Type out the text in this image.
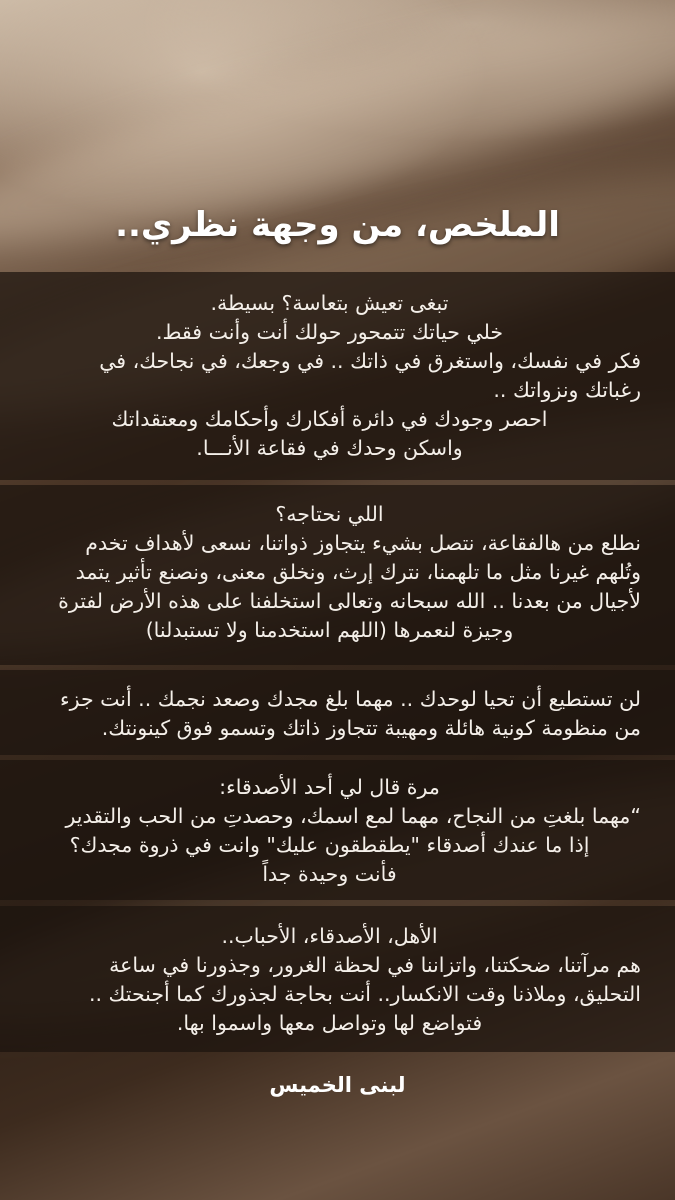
الملخص، من وجهة نظري..
تبغى تعيش بتعاسة؟ بسيطة.
خلي حياتك تتمحور حولك أنت وأنت فقط.
فكر في نفسك، واستغرق في ذاتك .. في وجعك، في نجاحك، في
رغباتك ونزواتك ..
احصر وجودك في دائرة أفكارك وأحكامك ومعتقداتك
واسكن وحدك في فقاعة الأنـــا.
اللي نحتاجه؟
نطلع من هالفقاعة، نتصل بشيء يتجاوز ذواتنا، نسعى لأهداف تخدم
وتُلهم غيرنا مثل ما تلهمنا، نترك إرث، ونخلق معنى، ونصنع تأثير يتمد
لأجيال من بعدنا .. الله سبحانه وتعالى استخلفنا على هذه الأرض لفترة
وجيزة لنعمرها (اللهم استخدمنا ولا تستبدلنا)
لن تستطيع أن تحيا لوحدك .. مهما بلغ مجدك وصعد نجمك .. أنت جزء
من منظومة كونية هائلة ومهيبة تتجاوز ذاتك وتسمو فوق كينونتك.
مرة قال لي أحد الأصدقاء:
“مهما بلغتِ من النجاح، مهما لمع اسمك، وحصدتِ من الحب والتقدير
إذا ما عندك أصدقاء "يطقطقون عليك" وانت في ذروة مجدك؟
فأنت وحيدة جداً
الأهل، الأصدقاء، الأحباب..
هم مرآتنا، ضحكتنا، واتزاننا في لحظة الغرور، وجذورنا في ساعة
التحليق، وملاذنا وقت الانكسار.. أنت بحاجة لجذورك كما أجنحتك ..
فتواضع لها وتواصل معها واسموا بها.
لبنى الخميس
